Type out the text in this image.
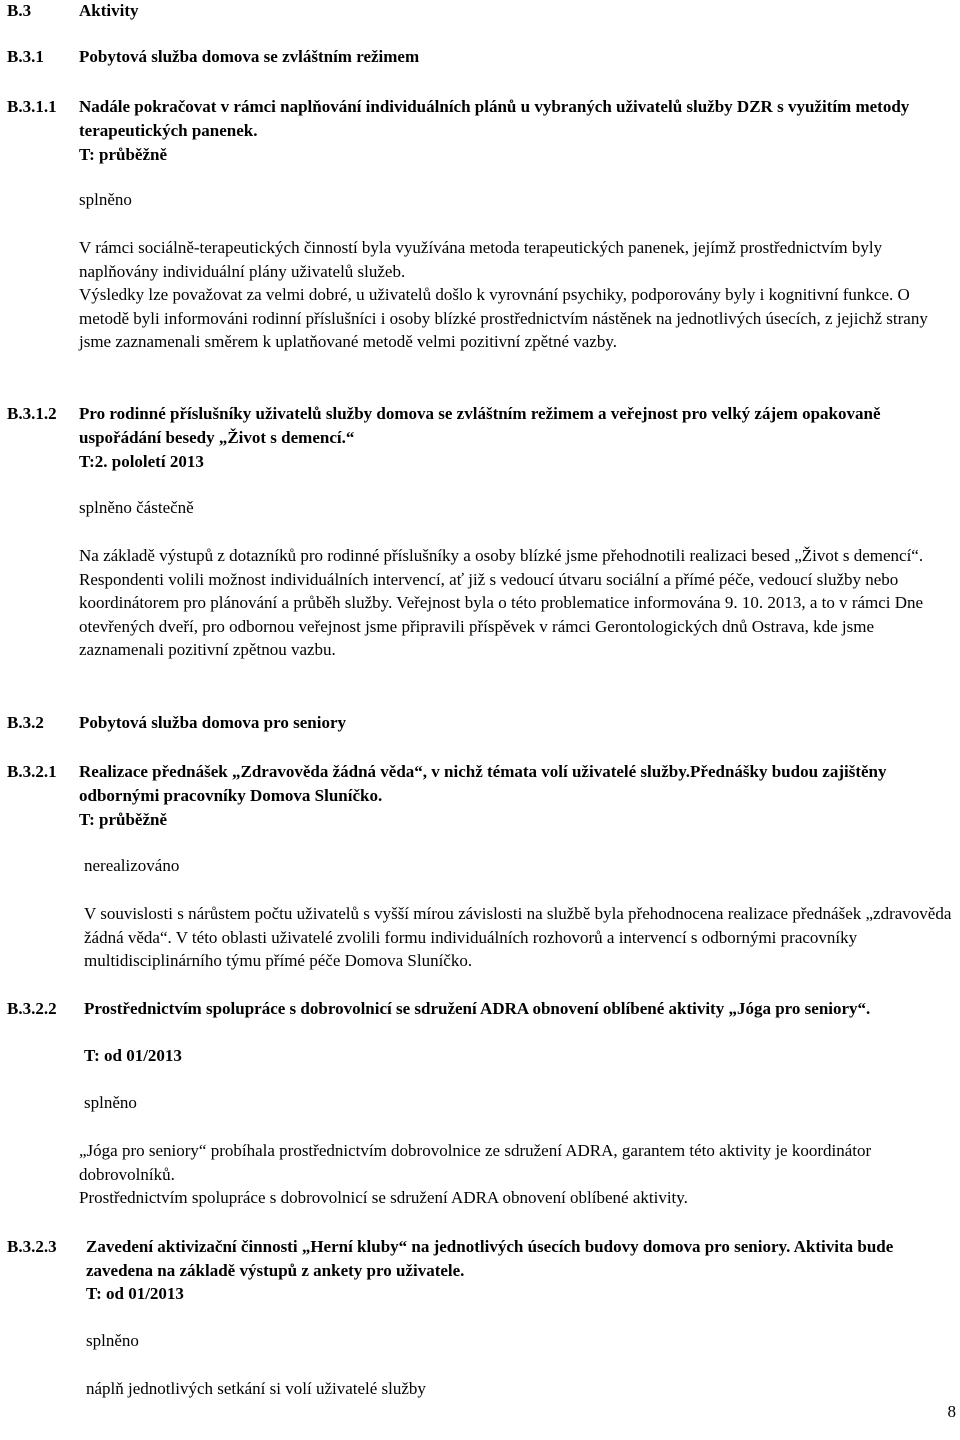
B.3	Aktivity
B.3.1 Pobytová služba domova se zvláštním režimem
B.3.1.1 Nadále pokračovat v rámci naplňování individuálních plánů u vybraných uživatelů služby DZR s využitím metody terapeutických panenek.
T: průběžně
splněno

V rámci sociálně-terapeutických činností byla využívána metoda terapeutických panenek, jejímž prostřednictvím byly naplňovány individuální plány uživatelů služeb.

Výsledky lze považovat za velmi dobré, u uživatelů došlo k vyrovnání psychiky, podporovány byly i kognitivní funkce. O metodě byli informováni rodinní příslušníci i osoby blízké prostřednictvím nástěnek na jednotlivých úsecích, z jejichž strany jsme zaznamenali směrem k uplatňované metodě velmi pozitivní zpětné vazby.

B.3.1.2 Pro rodinné příslušníky uživatelů služby domova se zvláštním režimem a veřejnost pro velký zájem opakovaně uspořádání besedy „Život s demencí.“
T:2. pololetí 2013
splněno částečně

Na základě výstupů z dotazníků pro rodinné příslušníky a osoby blízké jsme přehodnotili realizaci besed „Život s demencí“. Respondenti volili možnost individuálních intervencí, ať již s vedoucí útvaru sociální a přímé péče, vedoucí služby nebo koordinátorem pro plánování a průběh služby. Veřejnost byla o této problematice informována 9. 10. 2013, a to v rámci Dne otevřených dveří, pro odbornou veřejnost jsme připravili příspěvek v rámci Gerontologických dnů Ostrava, kde jsme zaznamenali pozitivní zpětnou vazbu.

B.3.2 Pobytová služba domova pro seniory
B.3.2.1 Realizace přednášek „Zdravověda žádná věda“, v nichž témata volí uživatelé služby.Přednášky budou zajištěny odbornými pracovníky Domova Sluníčko.
T: průběžně
nerealizováno

V souvislosti s nárůstem počtu uživatelů s vyšší mírou závislosti na službě byla přehodnocena realizace přednášek „zdravověda žádná věda“. V této oblasti uživatelé zvolili formu individuálních rozhovorů a intervencí s odbornými pracovníky multidisciplinárního týmu přímé péče Domova Sluníčko.

B.3.2.2 Prostřednictvím spolupráce s dobrovolnicí se sdružení ADRA obnovení oblíbené aktivity „Jóga pro seniory“.
T: od 01/2013
splněno

„Jóga pro seniory“ probíhala prostřednictvím dobrovolnice ze sdružení ADRA, garantem této aktivity je koordinátor dobrovolníků.

Prostřednictvím spolupráce s dobrovolnicí se sdružení ADRA obnovení oblíbené aktivity.

B.3.2.3 Zavedení aktivizační činnosti „Herní kluby“ na jednotlivých úsecích budovy domova pro seniory. Aktivita bude zavedena na základě výstupů z ankety pro uživatele.
T: od 01/2013
splněno

náplň jednotlivých setkání si volí uživatelé služby

8
